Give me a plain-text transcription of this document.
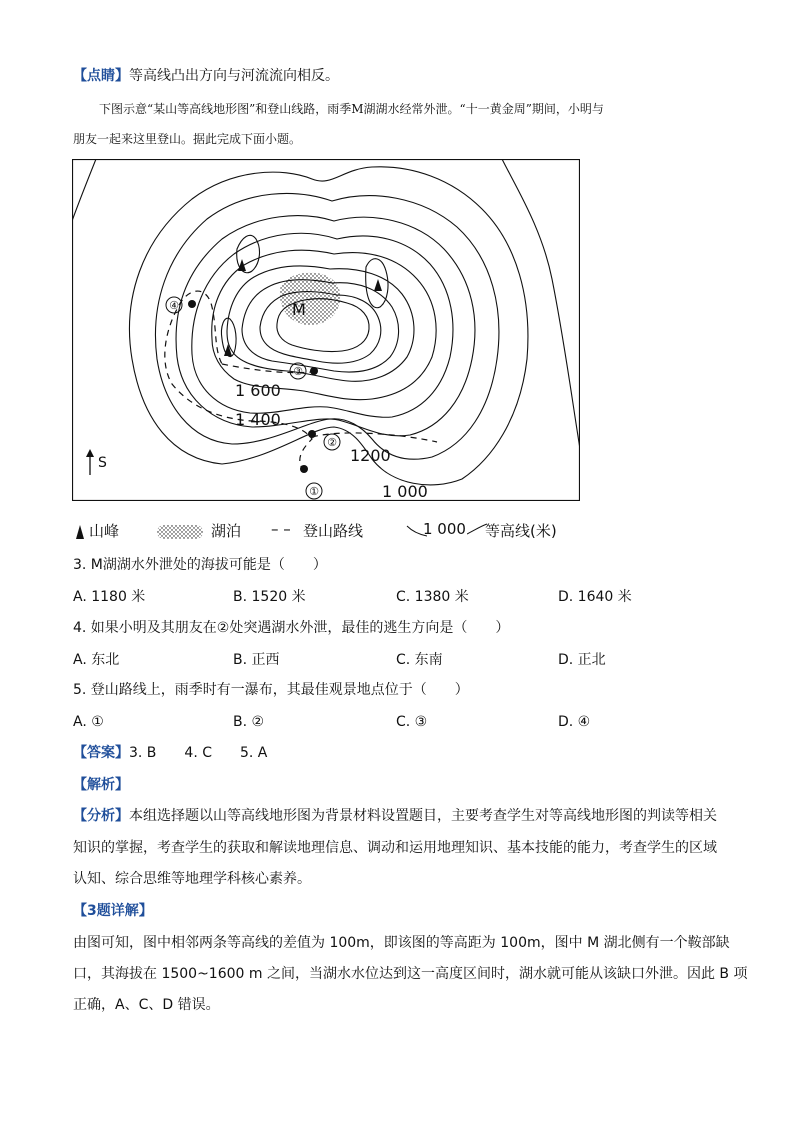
【点睛】等高线凸出方向与河流流向相反。
下图示意“某山等高线地形图”和登山线路，雨季M湖湖水经常外泄。“十一黄金周”期间，小明与
朋友一起来这里登山。据此完成下面小题。
①
②
③
④	M
1 600
1 400
1200
1 000
S
山峰	湖泊 – – 登山路线	1 000 等高线(米)
3. M湖湖水外泄处的海拔可能是（　　）
A. 1180 米	B. 1520 米	C. 1380 米	D. 1640 米
4. 如果小明及其朋友在②处突遇湖水外泄，最佳的逃生方向是（　　）
A. 东北	B. 正西	C. 东南	D. 正北
5. 登山路线上，雨季时有一瀑布，其最佳观景地点位于（　　）
A. ①	B. ②	C. ③	D. ④
【答案】3. B　　4. C　　5. A
【解析】
【分析】本组选择题以山等高线地形图为背景材料设置题目，主要考查学生对等高线地形图的判读等相关
知识的掌握，考查学生的获取和解读地理信息、调动和运用地理知识、基本技能的能力，考查学生的区域
认知、综合思维等地理学科核心素养。
【3题详解】
由图可知，图中相邻两条等高线的差值为 100m，即该图的等高距为 100m，图中 M 湖北侧有一个鞍部缺
口，其海拔在 1500~1600 m 之间，当湖水水位达到这一高度区间时，湖水就可能从该缺口外泄。因此 B 项
正确，A、C、D 错误。
